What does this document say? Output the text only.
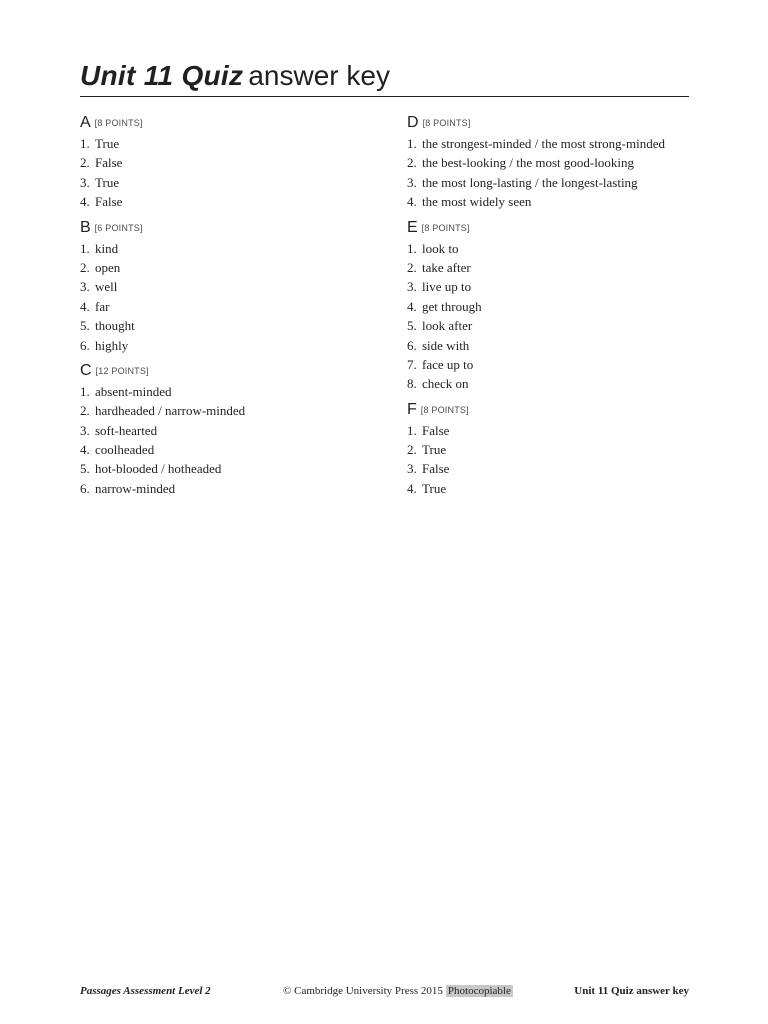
Unit 11 Quiz answer key
A [8 POINTS]
1. True
2. False
3. True
4. False
B [6 POINTS]
1. kind
2. open
3. well
4. far
5. thought
6. highly
C [12 POINTS]
1. absent-minded
2. hardheaded / narrow-minded
3. soft-hearted
4. coolheaded
5. hot-blooded / hotheaded
6. narrow-minded
D [8 POINTS]
1. the strongest-minded / the most strong-minded
2. the best-looking / the most good-looking
3. the most long-lasting / the longest-lasting
4. the most widely seen
E [8 POINTS]
1. look to
2. take after
3. live up to
4. get through
5. look after
6. side with
7. face up to
8. check on
F [8 POINTS]
1. False
2. True
3. False
4. True
Passages Assessment Level 2	© Cambridge University Press 2015 Photocopiable	Unit 11 Quiz answer key
